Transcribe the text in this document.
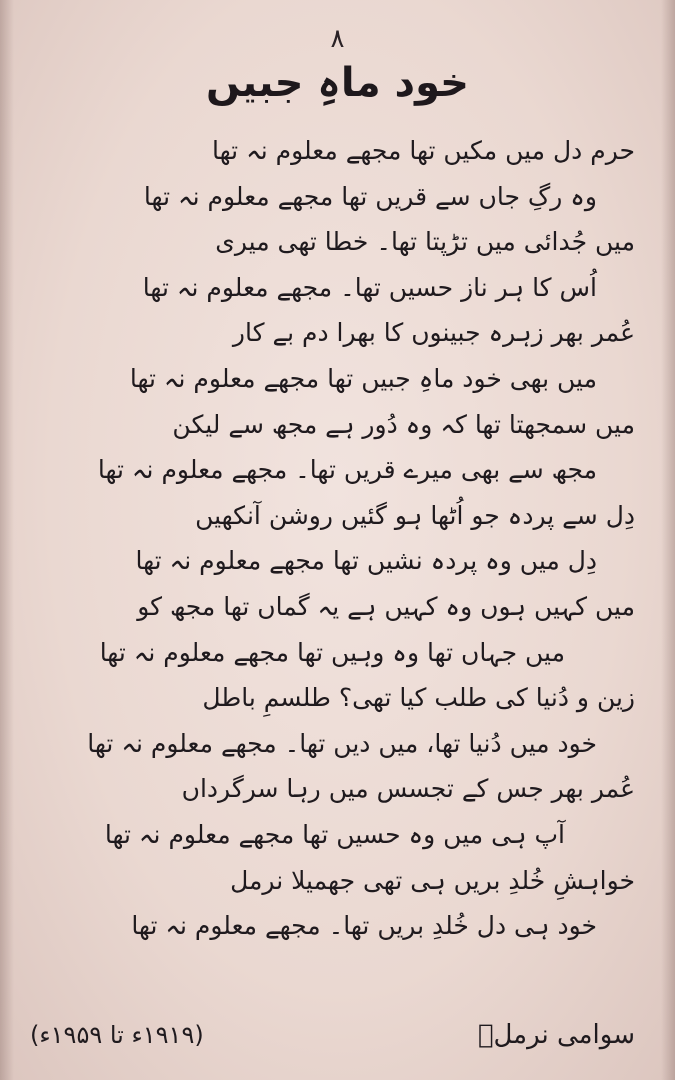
۸
خود ماہِ جبیں
حرم دل میں مکیں تھا مجھے معلوم نہ تھا
وہ رگِ جاں سے قریں تھا مجھے معلوم نہ تھا
میں جُدائی میں تڑپتا تھا۔ خطا تھی میری
اُس کا ہر ناز حسیں تھا۔ مجھے معلوم نہ تھا
عُمر بھر زہرہ جبینوں کا بھرا دم بے کار
میں بھی خود ماہِ جبیں تھا مجھے معلوم نہ تھا
میں سمجھتا تھا کہ وہ دُور ہے مجھ سے لیکن
مجھ سے بھی میرے قریں تھا۔ مجھے معلوم نہ تھا
دِل سے پردہ جو اُٹھا ہو گئیں روشن آنکھیں
دِل میں وہ پردہ نشیں تھا مجھے معلوم نہ تھا
میں کہیں ہوں وہ کہیں ہے یہ گماں تھا مجھ کو
میں جہاں تھا وہ وہیں تھا مجھے معلوم نہ تھا
زین و دُنیا کی طلب کیا تھی؟ طلسمِ باطل
خود میں دُنیا تھا، میں دیں تھا۔ مجھے معلوم نہ تھا
عُمر بھر جس کے تجسس میں رہا سرگرداں
آپ ہی میں وہ حسیں تھا مجھے معلوم نہ تھا
خواہشِ خُلدِ بریں ہی تھی جھمیلا نرمل
خود ہی دل خُلدِ بریں تھا۔ مجھے معلوم نہ تھا
سوامی نرملؔ
(۱۹۱۹ء تا ۱۹۵۹ء)
